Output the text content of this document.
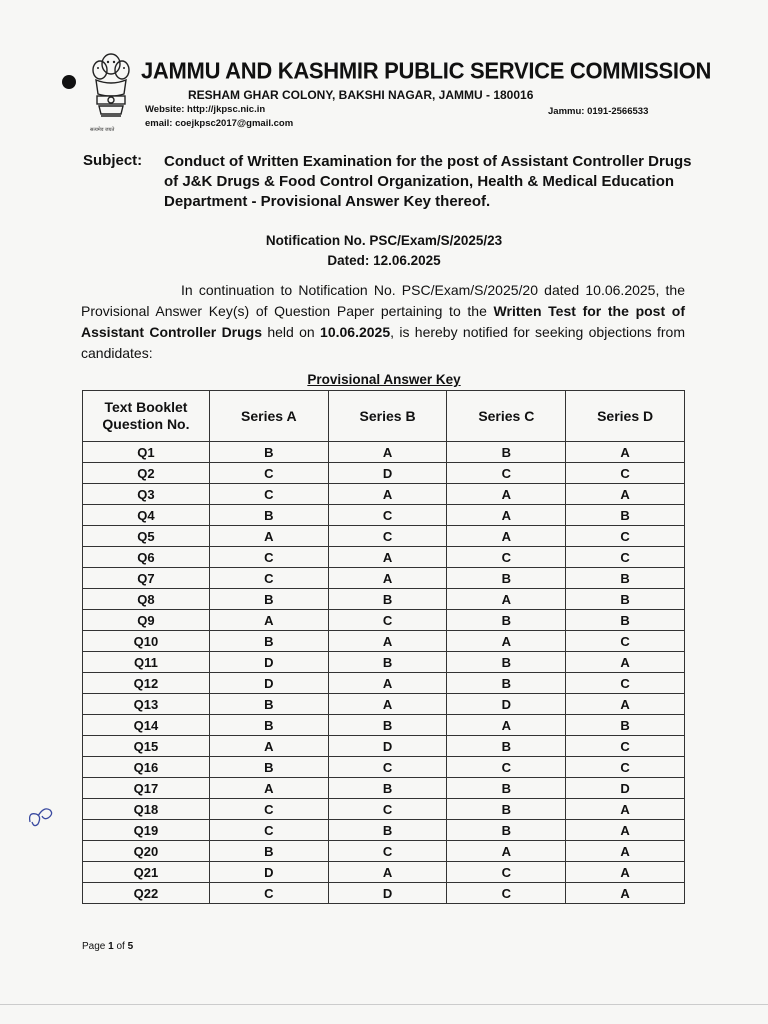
सत्यमेव जयते
JAMMU AND KASHMIR PUBLIC SERVICE COMMISSION
RESHAM GHAR COLONY, BAKSHI NAGAR, JAMMU - 180016
Website: http://jkpsc.nic.in	Jammu: 0191-2566533
email: coejkpsc2017@gmail.com
Subject: Conduct of Written Examination for the post of Assistant Controller Drugs of J&K Drugs & Food Control Organization, Health & Medical Education Department - Provisional Answer Key thereof.
Notification No. PSC/Exam/S/2025/23
Dated: 12.06.2025
In continuation to Notification No. PSC/Exam/S/2025/20 dated 10.06.2025, the Provisional Answer Key(s) of Question Paper pertaining to the Written Test for the post of Assistant Controller Drugs held on 10.06.2025, is hereby notified for seeking objections from candidates:
Provisional Answer Key
Text Booklet Question No.	Series A	Series B	Series C	Series D
Q1	B	A	B	A
Q2	C	D	C	C
Q3	C	A	A	A
Q4	B	C	A	B
Q5	A	C	A	C
Q6	C	A	C	C
Q7	C	A	B	B
Q8	B	B	A	B
Q9	A	C	B	B
Q10	B	A	A	C
Q11	D	B	B	A
Q12	D	A	B	C
Q13	B	A	D	A
Q14	B	B	A	B
Q15	A	D	B	C
Q16	B	C	C	C
Q17	A	B	B	D
Q18	C	C	B	A
Q19	C	B	B	A
Q20	B	C	A	A
Q21	D	A	C	A
Q22	C	D	C	A
Page 1 of 5
